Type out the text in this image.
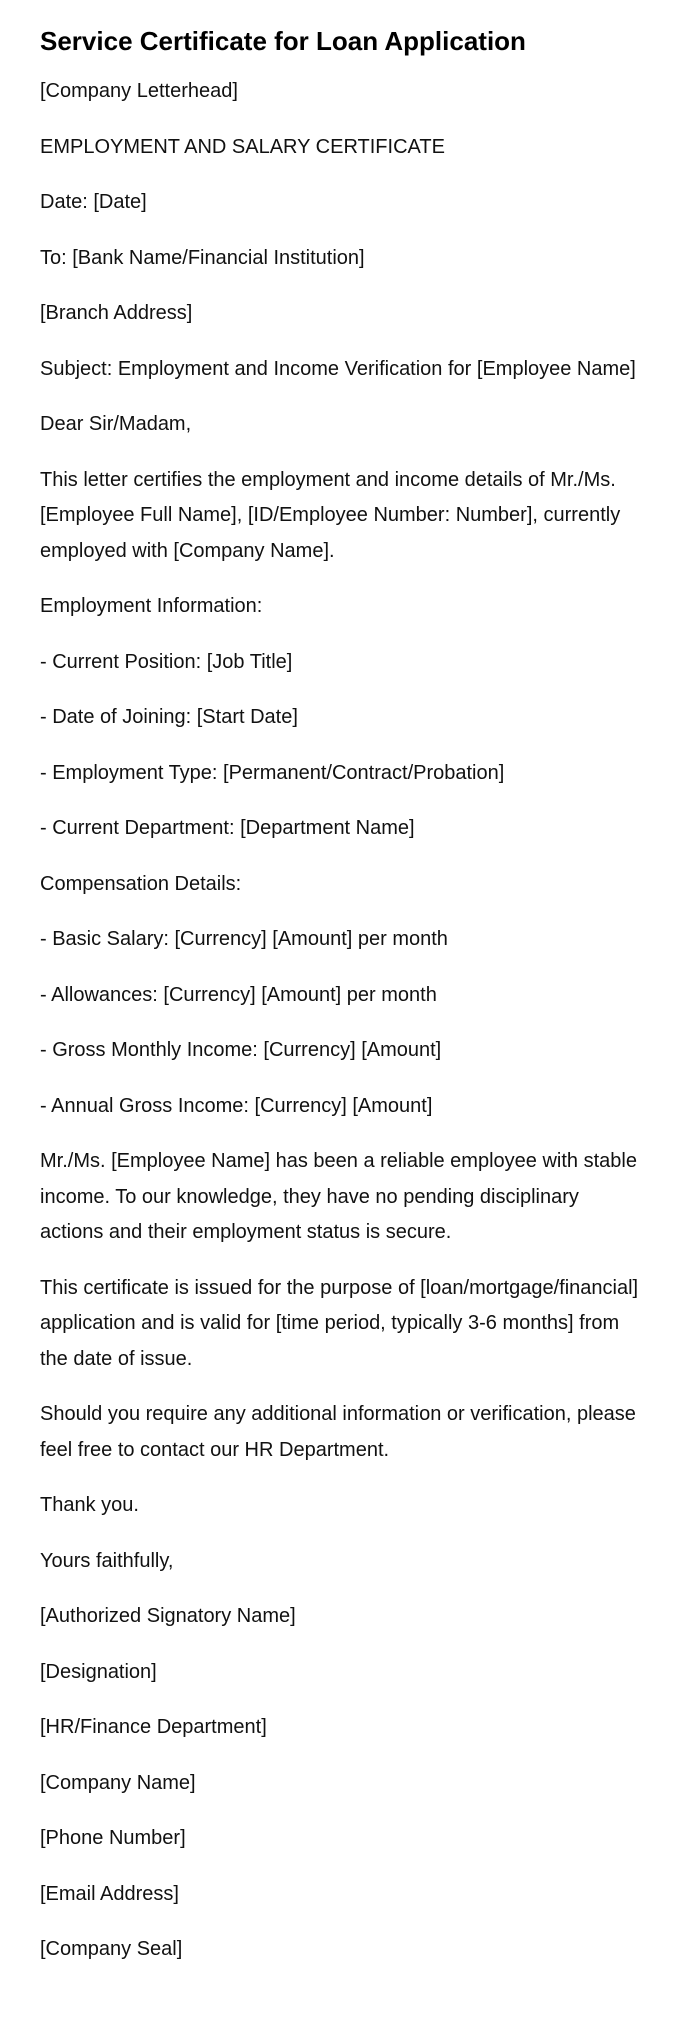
Service Certificate for Loan Application

[Company Letterhead]

EMPLOYMENT AND SALARY CERTIFICATE

Date: [Date]

To: [Bank Name/Financial Institution]

[Branch Address]

Subject: Employment and Income Verification for [Employee Name]

Dear Sir/Madam,

This letter certifies the employment and income details of Mr./Ms. [Employee Full Name], [ID/Employee Number: Number], currently employed with [Company Name].

Employment Information:

- Current Position: [Job Title]

- Date of Joining: [Start Date]

- Employment Type: [Permanent/Contract/Probation]

- Current Department: [Department Name]

Compensation Details:

- Basic Salary: [Currency] [Amount] per month

- Allowances: [Currency] [Amount] per month

- Gross Monthly Income: [Currency] [Amount]

- Annual Gross Income: [Currency] [Amount]

Mr./Ms. [Employee Name] has been a reliable employee with stable income. To our knowledge, they have no pending disciplinary actions and their employment status is secure.

This certificate is issued for the purpose of [loan/mortgage/financial] application and is valid for [time period, typically 3-6 months] from the date of issue.

Should you require any additional information or verification, please feel free to contact our HR Department.

Thank you.

Yours faithfully,

[Authorized Signatory Name]

[Designation]

[HR/Finance Department]

[Company Name]

[Phone Number]

[Email Address]

[Company Seal]
